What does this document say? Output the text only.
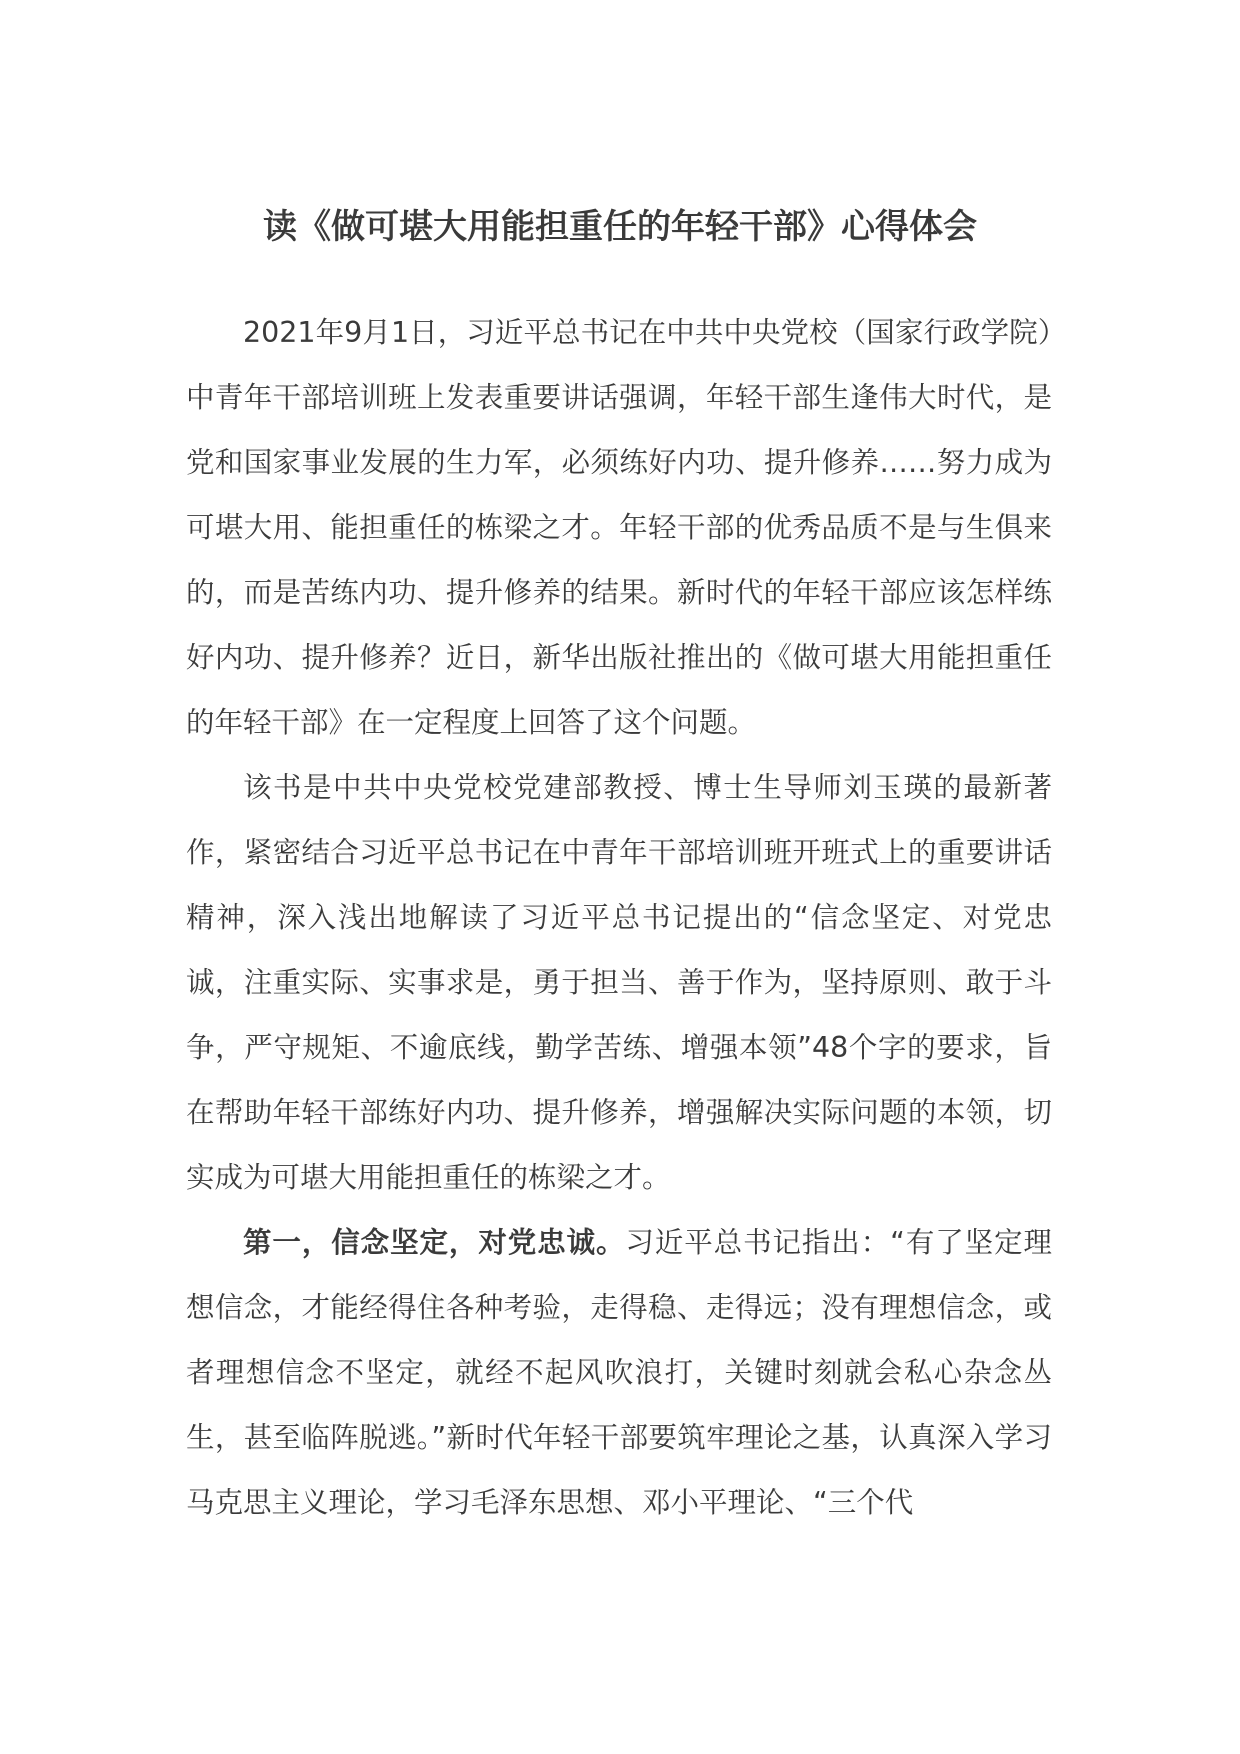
读《做可堪大用能担重任的年轻干部》心得体会

2021年9月1日，习近平总书记在中共中央党校（国家行政学院）中青年干部培训班上发表重要讲话强调，年轻干部生逢伟大时代，是党和国家事业发展的生力军，必须练好内功、提升修养……努力成为可堪大用、能担重任的栋梁之才。年轻干部的优秀品质不是与生俱来的，而是苦练内功、提升修养的结果。新时代的年轻干部应该怎样练好内功、提升修养？近日，新华出版社推出的《做可堪大用能担重任的年轻干部》在一定程度上回答了这个问题。

该书是中共中央党校党建部教授、博士生导师刘玉瑛的最新著作，紧密结合习近平总书记在中青年干部培训班开班式上的重要讲话精神，深入浅出地解读了习近平总书记提出的“信念坚定、对党忠诚，注重实际、实事求是，勇于担当、善于作为，坚持原则、敢于斗争，严守规矩、不逾底线，勤学苦练、增强本领”48个字的要求，旨在帮助年轻干部练好内功、提升修养，增强解决实际问题的本领，切实成为可堪大用能担重任的栋梁之才。

第一，信念坚定，对党忠诚。习近平总书记指出：“有了坚定理想信念，才能经得住各种考验，走得稳、走得远；没有理想信念，或者理想信念不坚定，就经不起风吹浪打，关键时刻就会私心杂念丛生，甚至临阵脱逃。”新时代年轻干部要筑牢理论之基，认真深入学习马克思主义理论，学习毛泽东思想、邓小平理论、“三个代
